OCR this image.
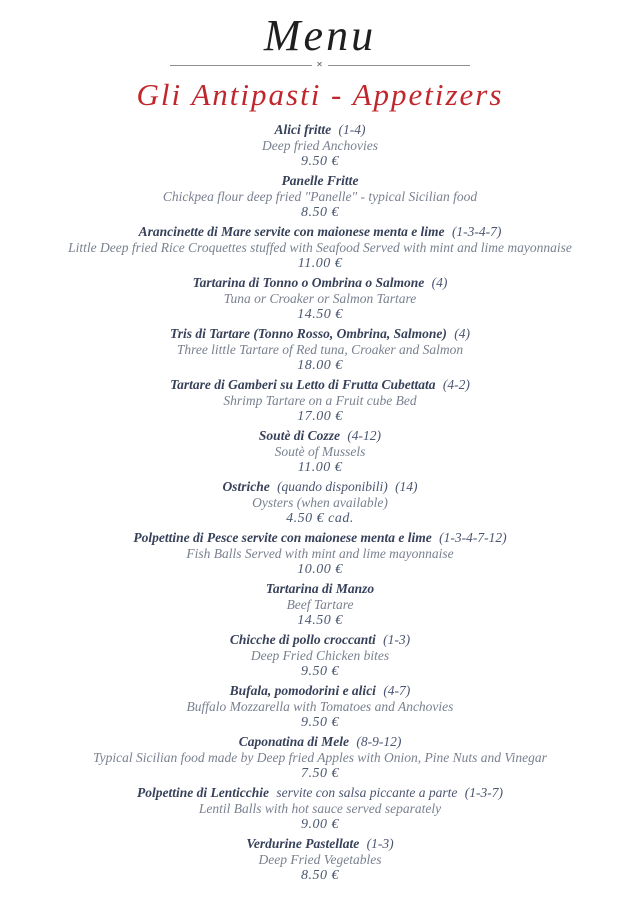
Menu
✕
Gli Antipasti - Appetizers
Alici fritte (1-4)
Deep fried Anchovies
9.50 €
Panelle Fritte
Chickpea flour deep fried "Panelle" - typical Sicilian food
8.50 €
Arancinette di Mare servite con maionese menta e lime (1-3-4-7)
Little Deep fried Rice Croquettes stuffed with Seafood Served with mint and lime mayonnaise
11.00 €
Tartarina di Tonno o Ombrina o Salmone (4)
Tuna or Croaker or Salmon Tartare
14.50 €
Tris di Tartare (Tonno Rosso, Ombrina, Salmone) (4)
Three little Tartare of Red tuna, Croaker and Salmon
18.00 €
Tartare di Gamberi su Letto di Frutta Cubettata (4-2)
Shrimp Tartare on a Fruit cube Bed
17.00 €
Soutè di Cozze (4-12)
Soutè of Mussels
11.00 €
Ostriche (quando disponibili) (14)
Oysters (when available)
4.50 € cad.
Polpettine di Pesce servite con maionese menta e lime (1-3-4-7-12)
Fish Balls Served with mint and lime mayonnaise
10.00 €
Tartarina di Manzo
Beef Tartare
14.50 €
Chicche di pollo croccanti (1-3)
Deep Fried Chicken bites
9.50 €
Bufala, pomodorini e alici (4-7)
Buffalo Mozzarella with Tomatoes and Anchovies
9.50 €
Caponatina di Mele (8-9-12)
Typical Sicilian food made by Deep fried Apples with Onion, Pine Nuts and Vinegar
7.50 €
Polpettine di Lenticchie servite con salsa piccante a parte (1-3-7)
Lentil Balls with hot sauce served separately
9.00 €
Verdurine Pastellate (1-3)
Deep Fried Vegetables
8.50 €
